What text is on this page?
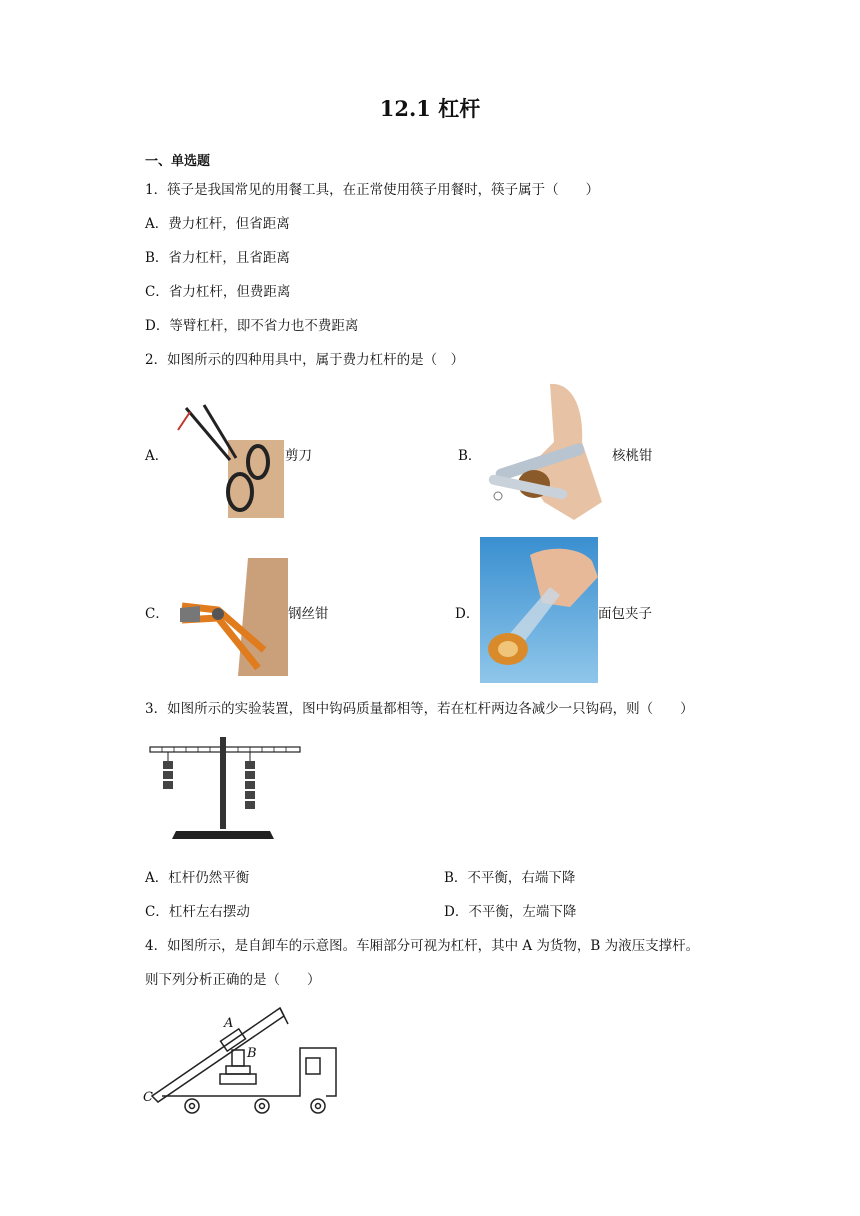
12.1 杠杆
一、单选题
1．筷子是我国常见的用餐工具，在正常使用筷子用餐时，筷子属于（　　）
A．费力杠杆，但省距离
B．省力杠杆，且省距离
C．省力杠杆，但费距离
D．等臂杠杆，即不省力也不费距离
2．如图所示的四种用具中，属于费力杠杆的是（　）
A．	剪刀	B．	核桃钳
C．	钢丝钳	D．	面包夹子
3．如图所示的实验装置，图中钩码质量都相等，若在杠杆两边各减少一只钩码，则（　　）
A．杠杆仍然平衡	B．不平衡，右端下降
C．杠杆左右摆动	D．不平衡，左端下降
4．如图所示，是自卸车的示意图。车厢部分可视为杠杆，其中 A 为货物，B 为液压支撑杆。
则下列分析正确的是（　　）
A
B
C
